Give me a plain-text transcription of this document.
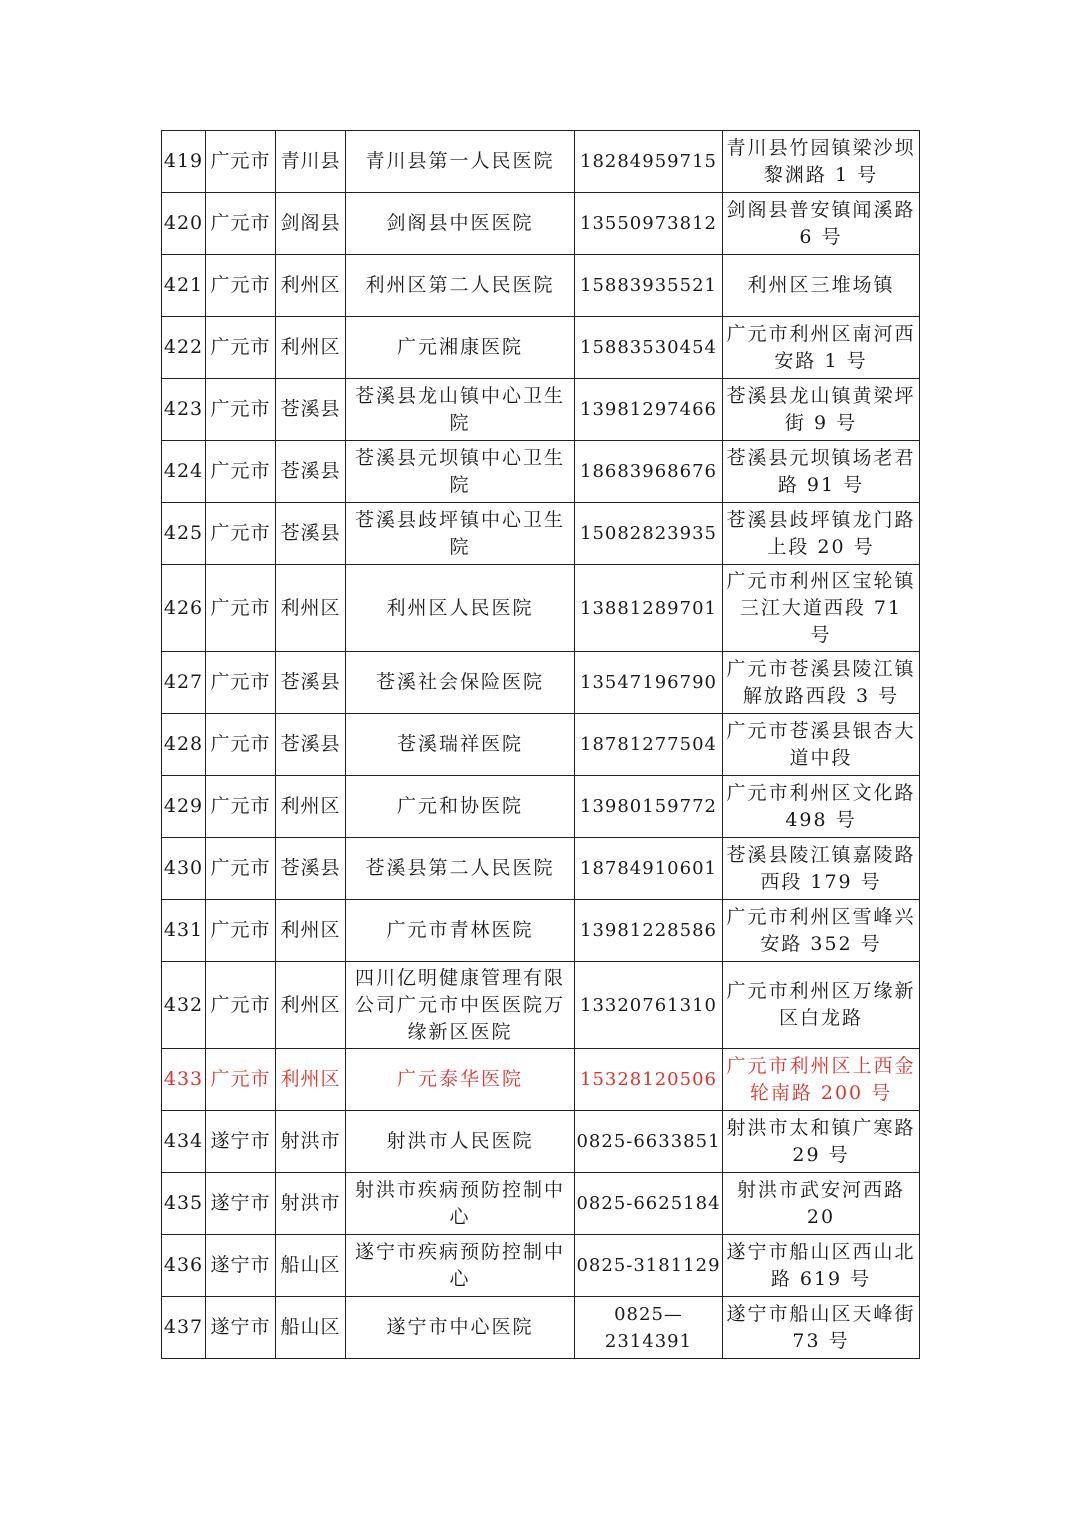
419	广元市	青川县	青川县第一人民医院	18284959715	青川县竹园镇梁沙坝黎渊路 1 号
420	广元市	剑阁县	剑阁县中医医院	13550973812	剑阁县普安镇闻溪路 6 号
421	广元市	利州区	利州区第二人民医院	15883935521	利州区三堆场镇
422	广元市	利州区	广元湘康医院	15883530454	广元市利州区南河西安路 1 号
423	广元市	苍溪县	苍溪县龙山镇中心卫生院	13981297466	苍溪县龙山镇黄梁坪街 9 号
424	广元市	苍溪县	苍溪县元坝镇中心卫生院	18683968676	苍溪县元坝镇场老君路 91 号
425	广元市	苍溪县	苍溪县歧坪镇中心卫生院	15082823935	苍溪县歧坪镇龙门路上段 20 号
426	广元市	利州区	利州区人民医院	13881289701	广元市利州区宝轮镇三江大道西段 71 号
427	广元市	苍溪县	苍溪社会保险医院	13547196790	广元市苍溪县陵江镇解放路西段 3 号
428	广元市	苍溪县	苍溪瑞祥医院	18781277504	广元市苍溪县银杏大道中段
429	广元市	利州区	广元和协医院	13980159772	广元市利州区文化路 498 号
430	广元市	苍溪县	苍溪县第二人民医院	18784910601	苍溪县陵江镇嘉陵路西段 179 号
431	广元市	利州区	广元市青林医院	13981228586	广元市利州区雪峰兴安路 352 号
432	广元市	利州区	四川亿明健康管理有限公司广元市中医医院万缘新区医院	13320761310	广元市利州区万缘新区白龙路
433	广元市	利州区	广元泰华医院	15328120506	广元市利州区上西金轮南路 200 号
434	遂宁市	射洪市	射洪市人民医院	0825-6633851	射洪市太和镇广寒路 29 号
435	遂宁市	射洪市	射洪市疾病预防控制中心	0825-6625184	射洪市武安河西路 20
436	遂宁市	船山区	遂宁市疾病预防控制中心	0825-3181129	遂宁市船山区西山北路 619 号
437	遂宁市	船山区	遂宁市中心医院	0825—2314391	遂宁市船山区天峰街 73 号
